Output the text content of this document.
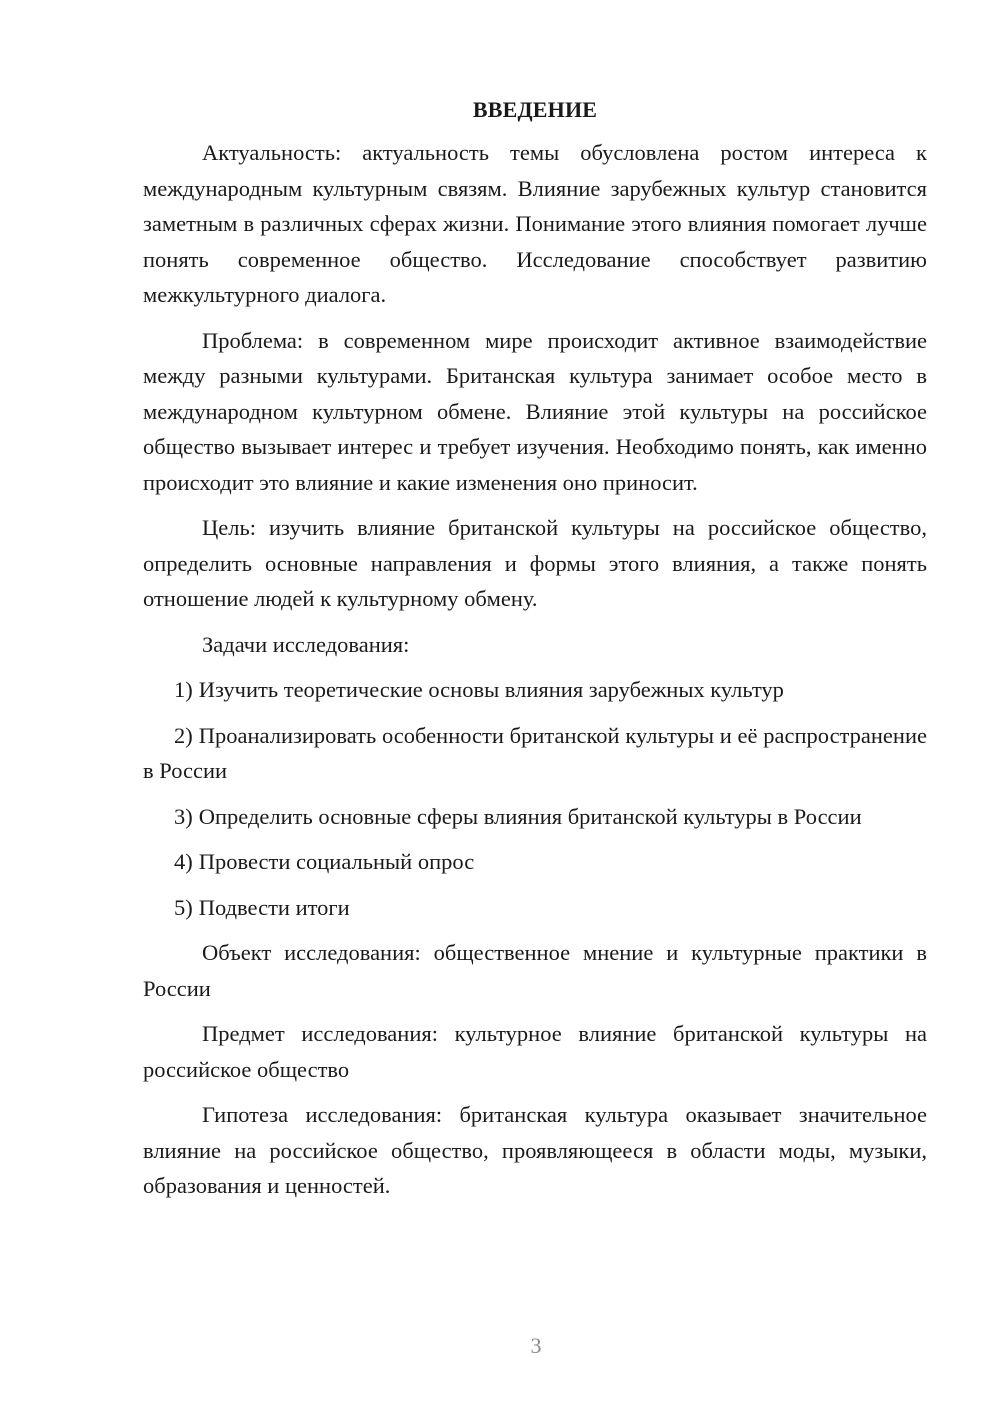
ВВЕДЕНИЕ

Актуальность: актуальность темы обусловлена ростом интереса к международным культурным связям. Влияние зарубежных культур становится заметным в различных сферах жизни. Понимание этого влияния помогает лучше понять современное общество. Исследование способствует развитию межкультурного диалога.

Проблема: в современном мире происходит активное взаимодействие между разными культурами. Британская культура занимает особое место в международном культурном обмене. Влияние этой культуры на российское общество вызывает интерес и требует изучения. Необходимо понять, как именно происходит это влияние и какие изменения оно приносит.

Цель: изучить влияние британской культуры на российское общество, определить основные направления и формы этого влияния, а также понять отношение людей к культурному обмену.

Задачи исследования:

1) Изучить теоретические основы влияния зарубежных культур

2) Проанализировать особенности британской культуры и её распространение в России

3) Определить основные сферы влияния британской культуры в России

4) Провести социальный опрос

5) Подвести итоги

Объект исследования: общественное мнение и культурные практики в России

Предмет исследования: культурное влияние британской культуры на российское общество

Гипотеза исследования: британская культура оказывает значительное влияние на российское общество, проявляющееся в области моды, музыки, образования и ценностей.

3
